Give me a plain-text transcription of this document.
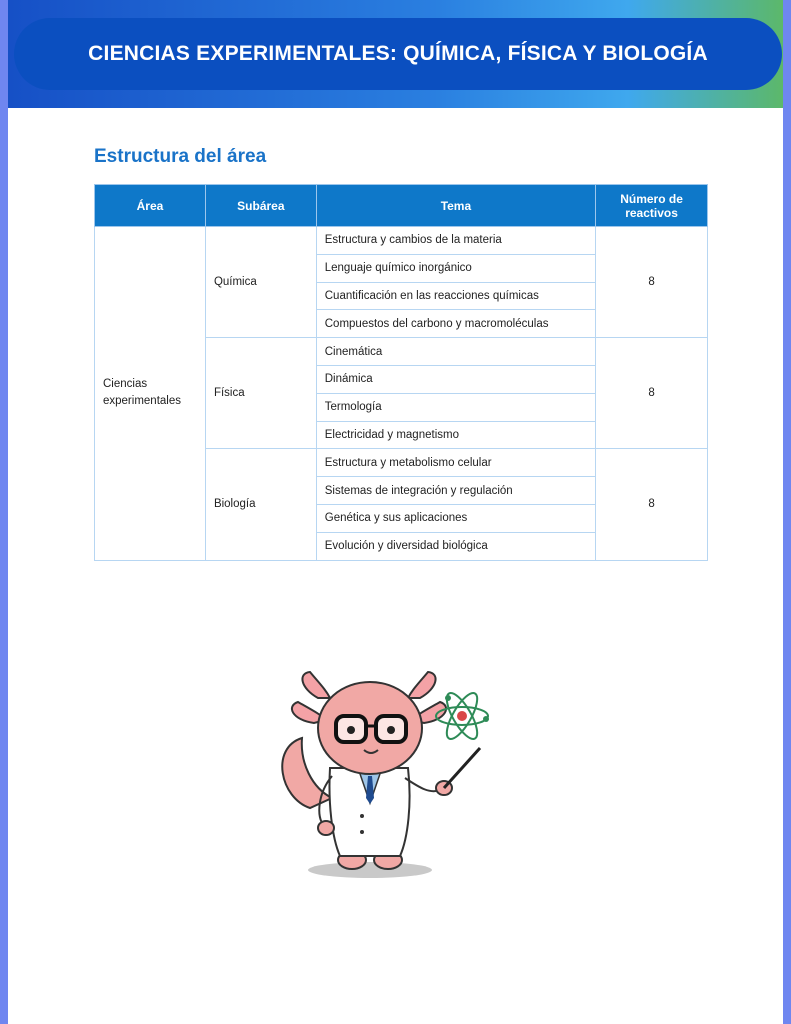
CIENCIAS EXPERIMENTALES: QUÍMICA, FÍSICA Y BIOLOGÍA
Estructura del área
Área	Subárea	Tema	Número de reactivos
Ciencias experimentales	Química	Estructura y cambios de la materia	8
		Lenguaje químico inorgánico	
		Cuantificación en las reacciones químicas	
		Compuestos del carbono y macromoléculas	
	Física	Cinemática	8
		Dinámica	
		Termología	
		Electricidad y magnetismo	
	Biología	Estructura y metabolismo celular	8
		Sistemas de integración y regulación	
		Genética y sus aplicaciones	
		Evolución y diversidad biológica	
